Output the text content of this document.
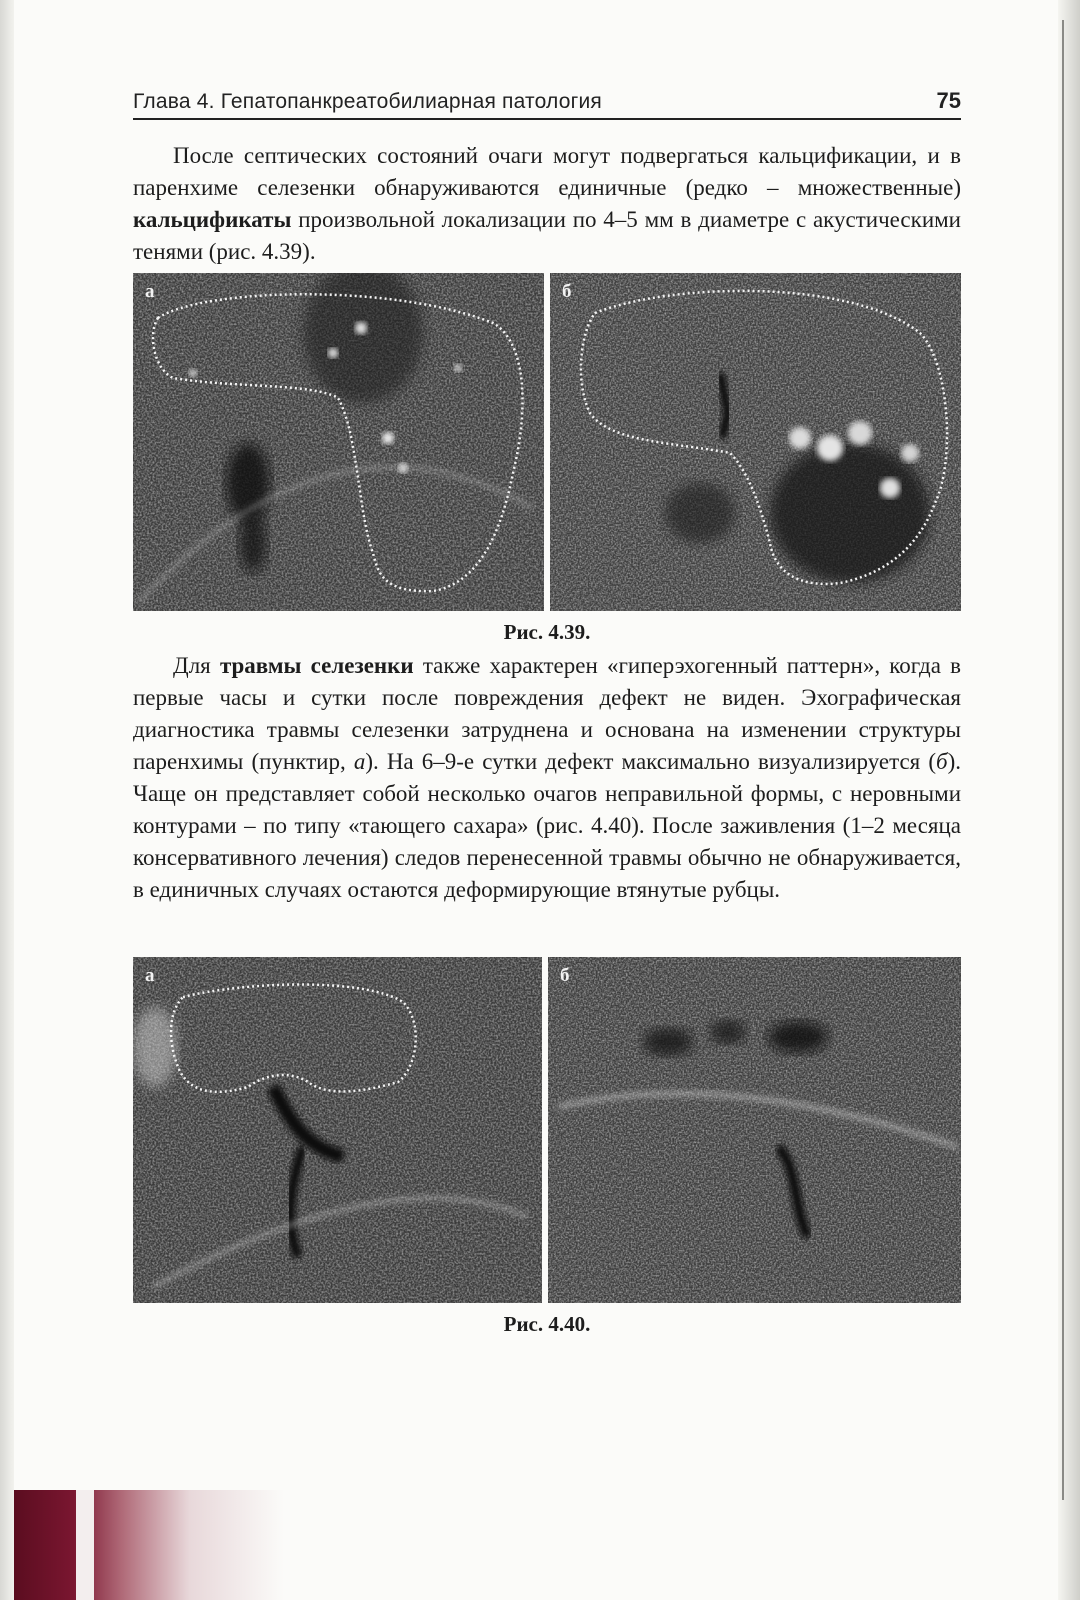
Глава 4. Гепатопанкреатобилиарная патология	75

После септических состояний очаги могут подвергаться кальцификации, и в паренхиме селезенки обнаруживаются единичные (редко – множественные) кальцификаты произвольной локализации по 4–5 мм в диаметре с акустическими тенями (рис. 4.39).

а	б
Рис. 4.39.

Для травмы селезенки также характерен «гиперэхогенный паттерн», когда в первые часы и сутки после повреждения дефект не виден. Эхографическая диагностика травмы селезенки затруднена и основана на изменении структуры паренхимы (пунктир, а). На 6–9-е сутки дефект максимально визуализируется (б). Чаще он представляет собой несколько очагов неправильной формы, с неровными контурами – по типу «тающего сахара» (рис. 4.40). После заживления (1–2 месяца консервативного лечения) следов перенесенной травмы обычно не обнаруживается, в единичных случаях остаются деформирующие втянутые рубцы.

а	б
Рис. 4.40.
